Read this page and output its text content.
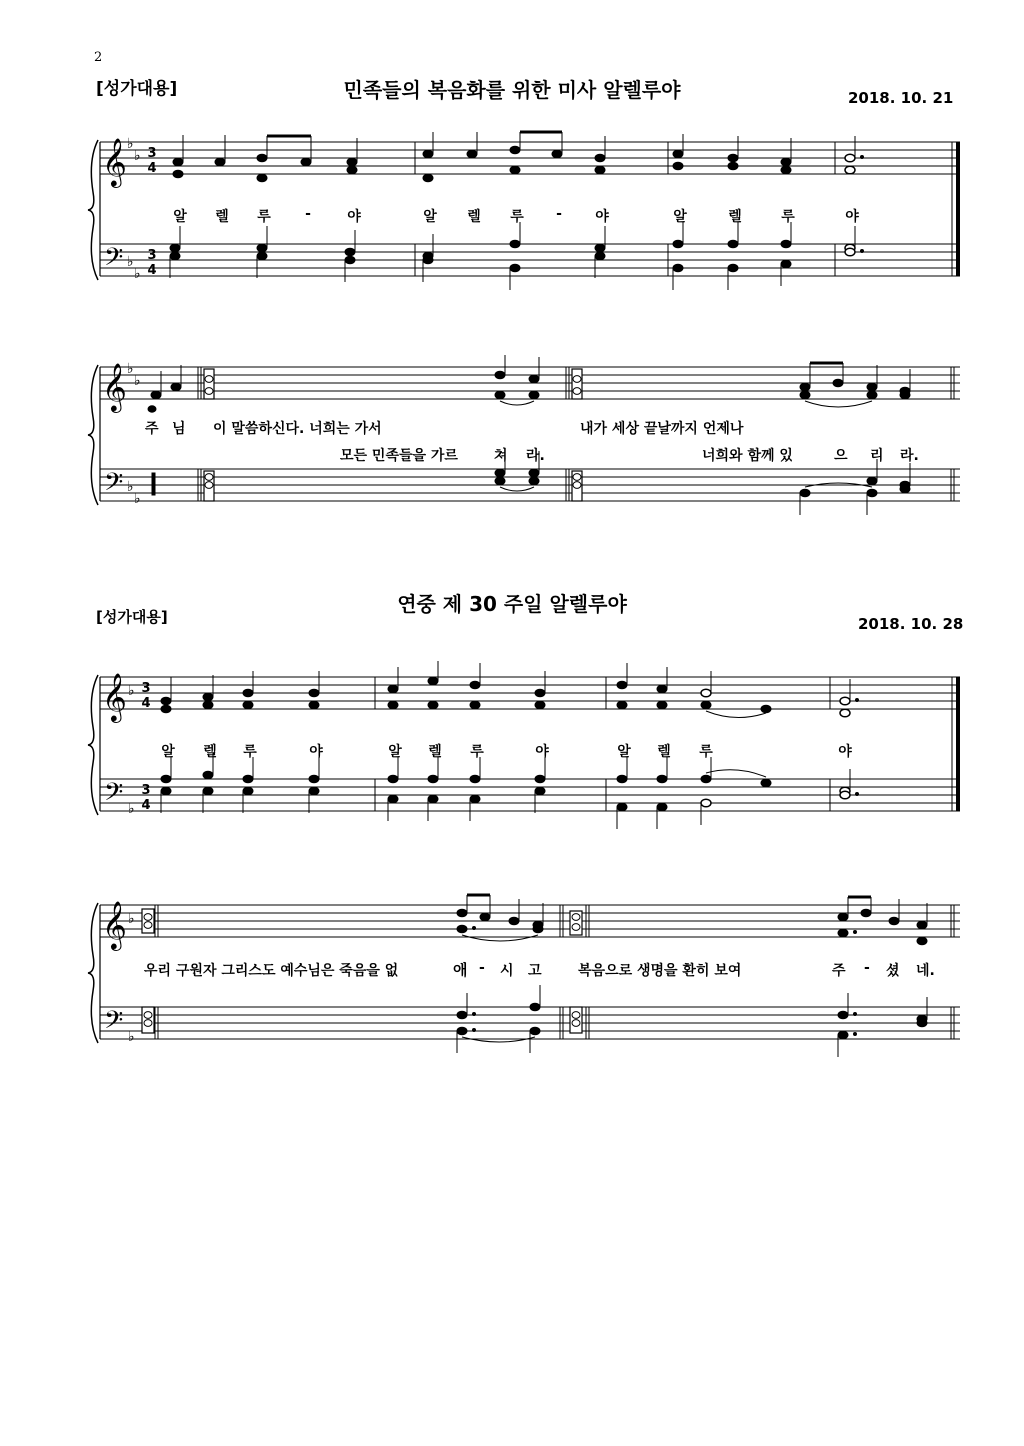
2
[성가대용]	민족들의 복음화를 위한 미사 알렐루야	2018. 10. 21
𝄞
𝄢
♭
♭
♭
♭
3
4
3
4
알 렐 루 -	야	알 렐 루 - 야	알	렐	루	야
𝄞
𝄢
♭
♭
♭
♭
주 님 이 말씀하신다. 너희는 가서	내가 세상 끝날까지 언제나
모든 민족들을 가르	쳐 라.	너희와 함께 있	으 리 라.
연중 제 30 주일 알렐루야
[성가대용]	2018. 10. 28
𝄞
𝄢
♭
♭
3
4
3
4
알 렐 루	야	알 렐 루	야	알 렐 루	야
𝄞
𝄢
♭
♭
우리 구원자 그리스도 예수님은 죽음을 없	애 - 시 고	복음으로 생명을 환히 보여	주 - 셨 네.
